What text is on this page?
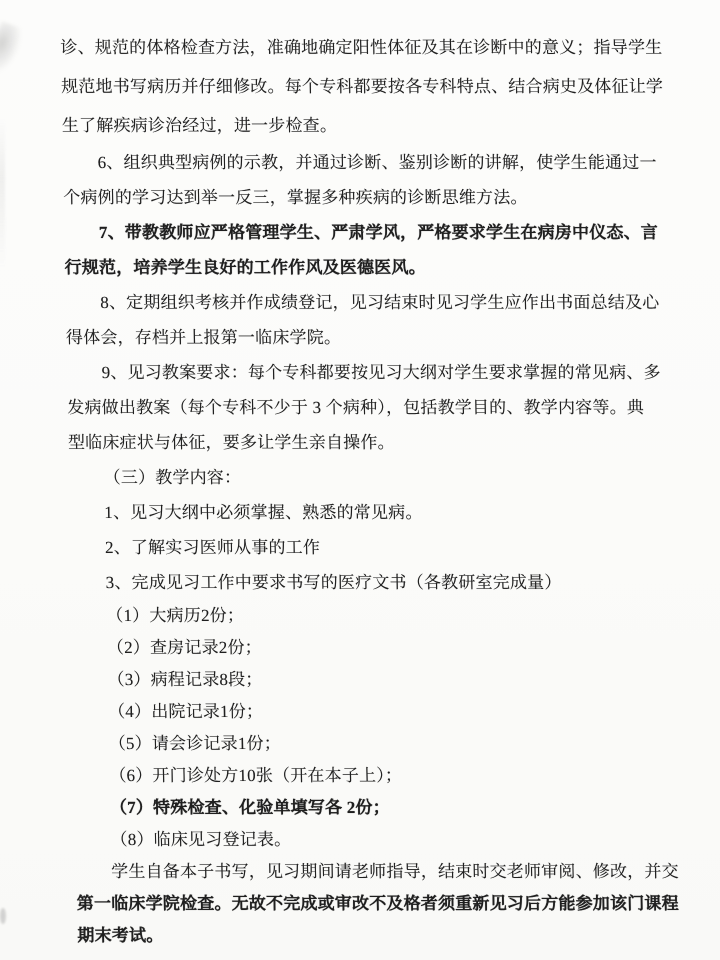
诊、规范的体格检查方法，准确地确定阳性体征及其在诊断中的意义；指导学生
规范地书写病历并仔细修改。每个专科都要按各专科特点、结合病史及体征让学
生了解疾病诊治经过，进一步检查。
6、组织典型病例的示教，并通过诊断、鉴别诊断的讲解，使学生能通过一
个病例的学习达到举一反三，掌握多种疾病的诊断思维方法。
7、带教教师应严格管理学生、严肃学风，严格要求学生在病房中仪态、言
行规范，培养学生良好的工作作风及医德医风。
8、定期组织考核并作成绩登记，见习结束时见习学生应作出书面总结及心
得体会，存档并上报第一临床学院。
9、见习教案要求：每个专科都要按见习大纲对学生要求掌握的常见病、多
发病做出教案（每个专科不少于 3 个病种），包括教学目的、教学内容等。典
型临床症状与体征，要多让学生亲自操作。
（三）教学内容：
1、见习大纲中必须掌握、熟悉的常见病。
2、了解实习医师从事的工作
3、完成见习工作中要求书写的医疗文书（各教研室完成量）
（1）大病历2份；
（2）查房记录2份；
（3）病程记录8段；
（4）出院记录1份；
（5）请会诊记录1份；
（6）开门诊处方10张（开在本子上）；
（7）特殊检查、化验单填写各 2份；
（8）临床见习登记表。
学生自备本子书写，见习期间请老师指导，结束时交老师审阅、修改，并交
第一临床学院检查。无故不完成或审改不及格者须重新见习后方能参加该门课程
期末考试。
